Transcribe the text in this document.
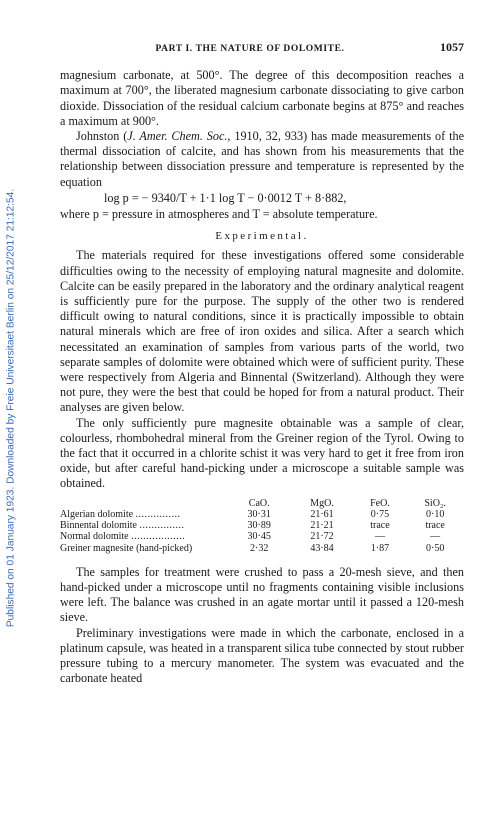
Published on 01 January 1923. Downloaded by Freie Universitaet Berlin on 25/12/2017 21:12:54.
PART I. THE NATURE OF DOLOMITE.	1057

magnesium carbonate, at 500°. The degree of this decomposition reaches a maximum at 700°, the liberated magnesium carbonate dissociating to give carbon dioxide. Dissociation of the residual calcium carbonate begins at 875° and reaches a maximum at 900°.

Johnston (J. Amer. Chem. Soc., 1910, 32, 933) has made measurements of the thermal dissociation of calcite, and has shown from his measurements that the relationship between dissociation pressure and temperature is represented by the equation

log p = − 9340/T + 1·1 log T − 0·0012 T + 8·882,

where p = pressure in atmospheres and T = absolute temperature.

Experimental.

The materials required for these investigations offered some considerable difficulties owing to the necessity of employing natural magnesite and dolomite. Calcite can be easily prepared in the laboratory and the ordinary analytical reagent is sufficiently pure for the purpose. The supply of the other two is rendered difficult owing to natural conditions, since it is practically impossible to obtain natural minerals which are free of iron oxides and silica. After a search which necessitated an examination of samples from various parts of the world, two separate samples of dolomite were obtained which were of sufficient purity. These were respectively from Algeria and Binnental (Switzerland). Although they were not pure, they were the best that could be hoped for from a natural product. Their analyses are given below.

The only sufficiently pure magnesite obtainable was a sample of clear, colourless, rhombohedral mineral from the Greiner region of the Tyrol. Owing to the fact that it occurred in a chlorite schist it was very hard to get it free from iron oxide, but after careful hand-picking under a microscope a suitable sample was obtained.

	CaO.	MgO.	FeO.	SiO₂.
Algerian dolomite ...............	30·31	21·61	0·75	0·10
Binnental dolomite ...............	30·89	21·21	trace	trace
Normal dolomite ..................	30·45	21·72	—	—
Greiner magnesite (hand-picked)	2·32	43·84	1·87	0·50

The samples for treatment were crushed to pass a 20-mesh sieve, and then hand-picked under a microscope until no fragments containing visible inclusions were left. The balance was crushed in an agate mortar until it passed a 120-mesh sieve.

Preliminary investigations were made in which the carbonate, enclosed in a platinum capsule, was heated in a transparent silica tube connected by stout rubber pressure tubing to a mercury manometer. The system was evacuated and the carbonate heated
